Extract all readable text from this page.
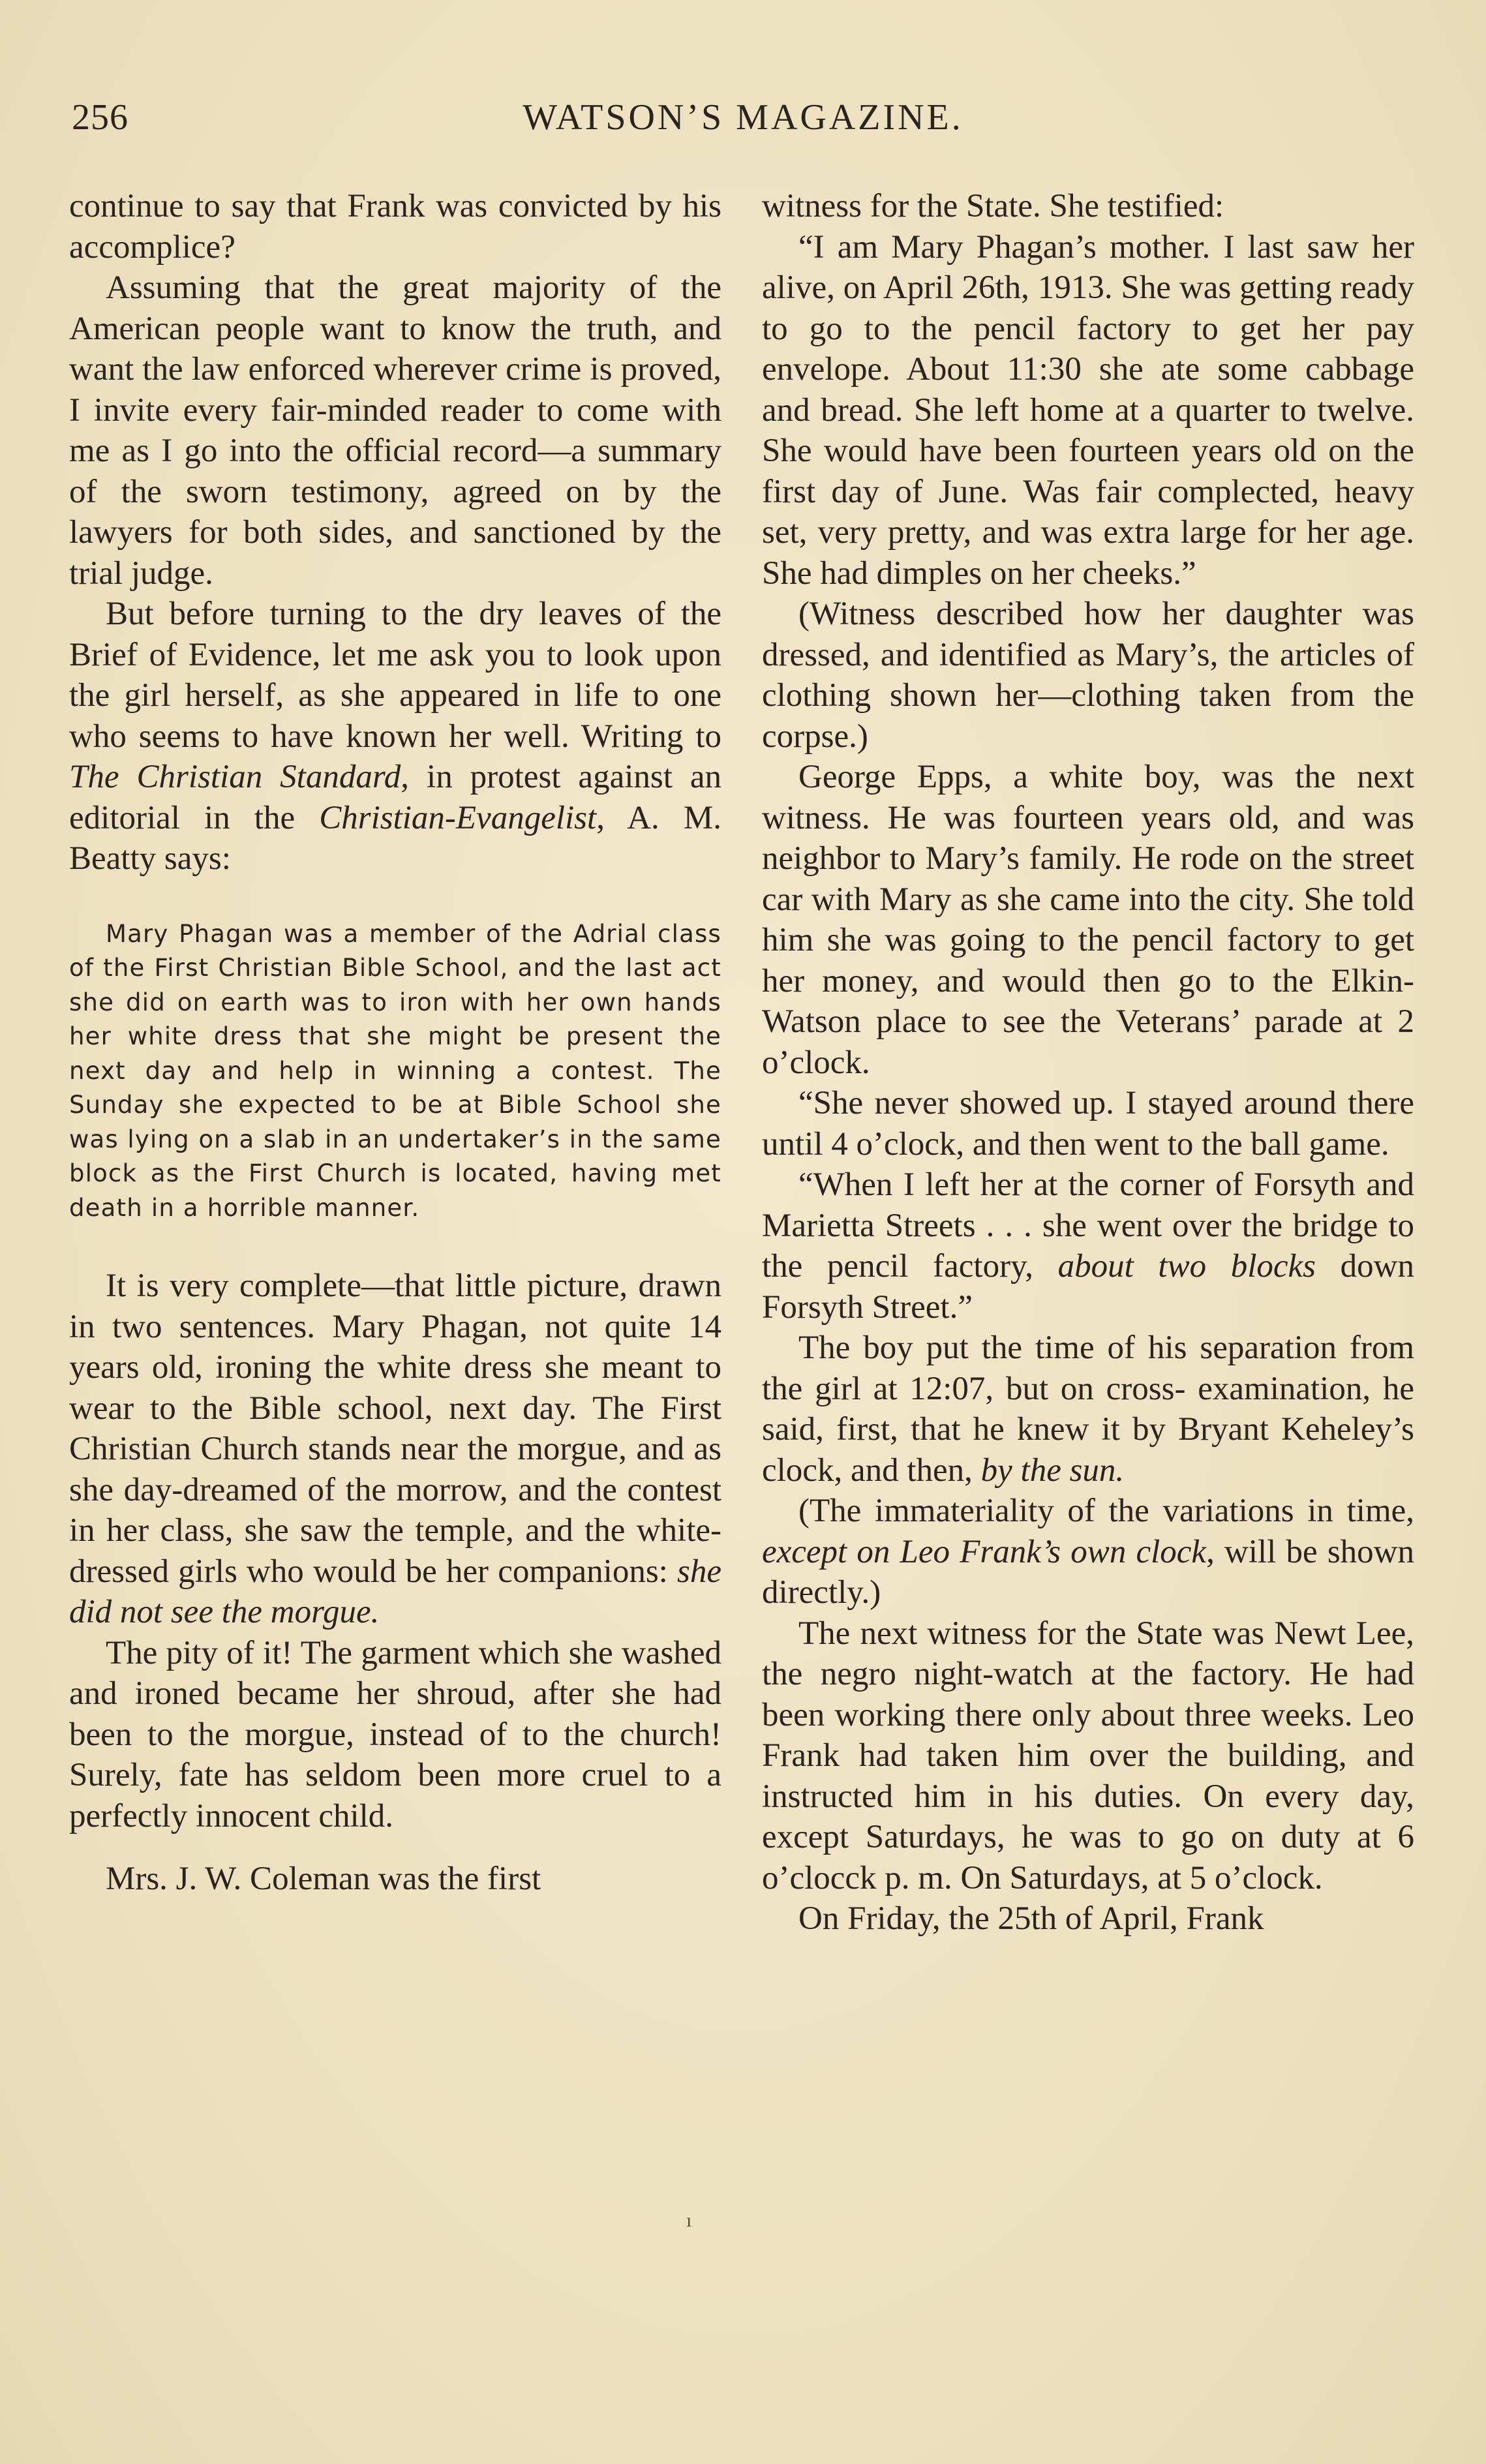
256	WATSON’S MAGAZINE.

continue to say that Frank was convicted by his accomplice?

Assuming that the great majority of the American people want to know the truth, and want the law enforced wherever crime is proved, I invite every fair-minded reader to come with me as I go into the official record—a summary of the sworn testimony, agreed on by the lawyers for both sides, and sanctioned by the trial judge.

But before turning to the dry leaves of the Brief of Evidence, let me ask you to look upon the girl herself, as she appeared in life to one who seems to have known her well. Writing to The Christian Standard, in protest against an editorial in the Christian-Evangelist, A. M. Beatty says:

Mary Phagan was a member of the Adrial class of the First Christian Bible School, and the last act she did on earth was to iron with her own hands her white dress that she might be present the next day and help in winning a contest. The Sunday she expected to be at Bible School she was lying on a slab in an undertaker’s in the same block as the First Church is located, having met death in a horrible manner.

It is very complete—that little picture, drawn in two sentences. Mary Phagan, not quite 14 years old, ironing the white dress she meant to wear to the Bible school, next day. The First Christian Church stands near the morgue, and as she day-dreamed of the morrow, and the contest in her class, she saw the temple, and the white-dressed girls who would be her companions: she did not see the morgue.

The pity of it! The garment which she washed and ironed became her shroud, after she had been to the morgue, instead of to the church! Surely, fate has seldom been more cruel to a perfectly innocent child.

Mrs. J. W. Coleman was the first

witness for the State. She testified:

“I am Mary Phagan’s mother. I last saw her alive, on April 26th, 1913. She was getting ready to go to the pencil factory to get her pay envelope. About 11:30 she ate some cabbage and bread. She left home at a quarter to twelve. She would have been fourteen years old on the first day of June. Was fair complected, heavy set, very pretty, and was extra large for her age. She had dimples on her cheeks.”

(Witness described how her daughter was dressed, and identified as Mary’s, the articles of clothing shown her—clothing taken from the corpse.)

George Epps, a white boy, was the next witness. He was fourteen years old, and was neighbor to Mary’s family. He rode on the street car with Mary as she came into the city. She told him she was going to the pencil factory to get her money, and would then go to the Elkin-Watson place to see the Veterans’ parade at 2 o’clock.

“She never showed up. I stayed around there until 4 o’clock, and then went to the ball game.

“When I left her at the corner of Forsyth and Marietta Streets . . . she went over the bridge to the pencil factory, about two blocks down Forsyth Street.”

The boy put the time of his separation from the girl at 12:07, but on cross- examination, he said, first, that he knew it by Bryant Keheley’s clock, and then, by the sun.

(The immateriality of the variations in time, except on Leo Frank’s own clock, will be shown directly.)

The next witness for the State was Newt Lee, the negro night-watch at the factory. He had been working there only about three weeks. Leo Frank had taken him over the building, and instructed him in his duties. On every day, except Saturdays, he was to go on duty at 6 o’clocck p. m. On Saturdays, at 5 o’clock.

On Friday, the 25th of April, Frank

ı
